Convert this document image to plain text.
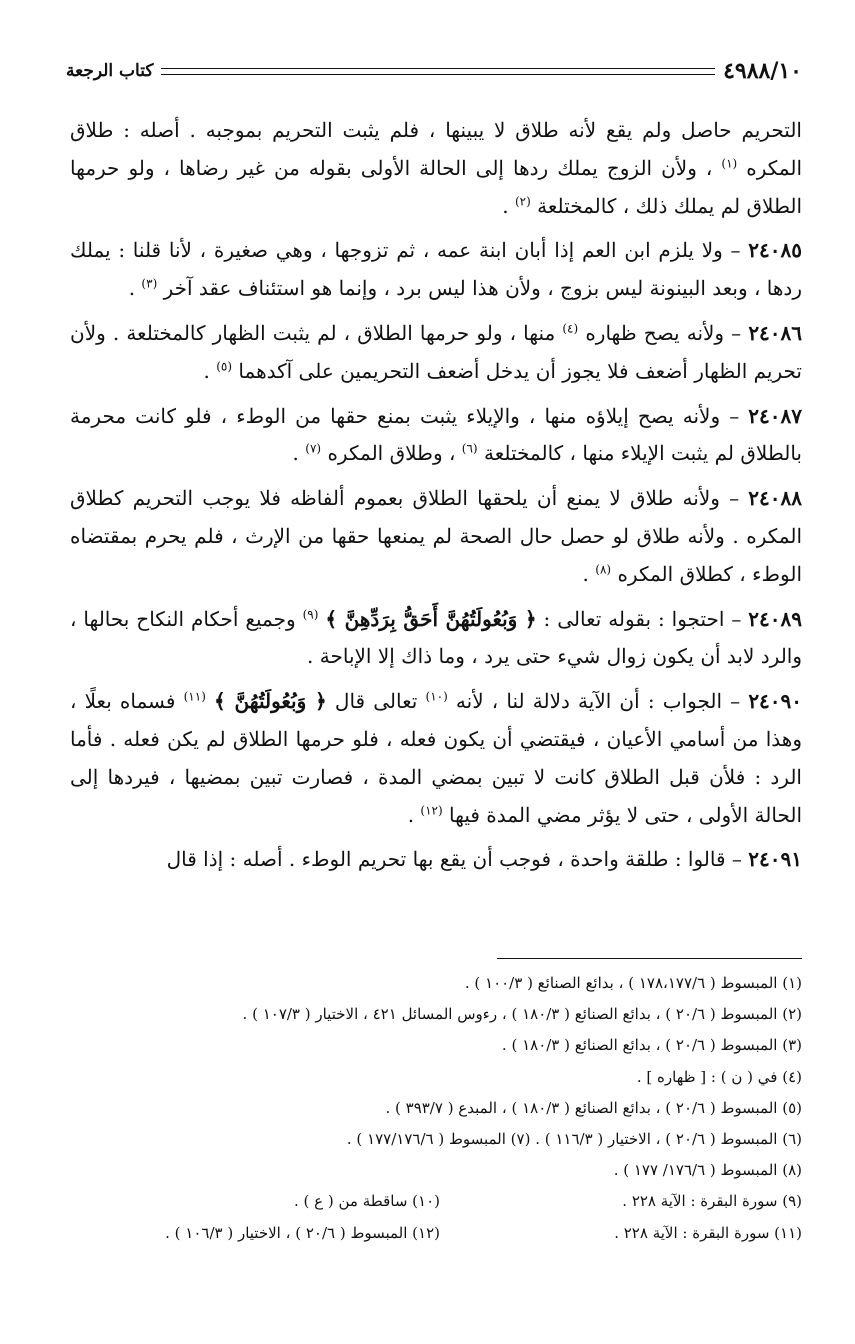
٤٩٨٨/١٠
كتاب الرجعة

التحريم حاصل ولم يقع لأنه طلاق لا يبينها ، فلم يثبت التحريم بموجبه . أصله : طلاق المكره $^{(١)}$ ، ولأن الزوج يملك ردها إلى الحالة الأولى بقوله من غير رضاها ، ولو حرمها الطلاق لم يملك ذلك ، كالمختلعة $^{(٢)}$ .

٢٤٠٨٥ – ولا يلزم ابن العم إذا أبان ابنة عمه ، ثم تزوجها ، وهي صغيرة ، لأنا قلنا : يملك ردها ، وبعد البينونة ليس بزوج ، ولأن هذا ليس برد ، وإنما هو استئناف عقد آخر $^{(٣)}$ .

٢٤٠٨٦ – ولأنه يصح ظهاره $^{(٤)}$ منها ، ولو حرمها الطلاق ، لم يثبت الظهار كالمختلعة . ولأن تحريم الظهار أضعف فلا يجوز أن يدخل أضعف التحريمين على آكدهما $^{(٥)}$ .

٢٤٠٨٧ – ولأنه يصح إيلاؤه منها ، والإيلاء يثبت بمنع حقها من الوطء ، فلو كانت محرمة بالطلاق لم يثبت الإيلاء منها ، كالمختلعة $^{(٦)}$ ، وطلاق المكره $^{(٧)}$ .

٢٤٠٨٨ – ولأنه طلاق لا يمنع أن يلحقها الطلاق بعموم ألفاظه فلا يوجب التحريم كطلاق المكره . ولأنه طلاق لو حصل حال الصحة لم يمنعها حقها من الإرث ، فلم يحرم بمقتضاه الوطء ، كطلاق المكره $^{(٨)}$ .

٢٤٠٨٩ – احتجوا : بقوله تعالى : ﴿ وَبُعُولَتُهُنَّ أَحَقُّ بِرَدِّهِنَّ ﴾ $^{(٩)}$ وجميع أحكام النكاح بحالها ، والرد لابد أن يكون زوال شيء حتى يرد ، وما ذاك إلا الإباحة .

٢٤٠٩٠ – الجواب : أن الآية دلالة لنا ، لأنه $^{(١٠)}$ تعالى قال ﴿ وَبُعُولَتُهُنَّ ﴾ $^{(١١)}$ فسماه بعلًا ، وهذا من أسامي الأعيان ، فيقتضي أن يكون فعله ، فلو حرمها الطلاق لم يكن فعله . فأما الرد : فلأن قبل الطلاق كانت لا تبين بمضي المدة ، فصارت تبين بمضيها ، فيردها إلى الحالة الأولى ، حتى لا يؤثر مضي المدة فيها $^{(١٢)}$ .

٢٤٠٩١ – قالوا : طلقة واحدة ، فوجب أن يقع بها تحريم الوطء . أصله : إذا قال

(١) المبسوط ( ١٧٨،١٧٧/٦ ) ، بدائع الصنائع ( ١٠٠/٣ ) .
(٢) المبسوط ( ٢٠/٦ ) ، بدائع الصنائع ( ١٨٠/٣ ) ، رءوس المسائل ٤٢١ ، الاختيار ( ١٠٧/٣ ) .
(٣) المبسوط ( ٢٠/٦ ) ، بدائع الصنائع ( ١٨٠/٣ ) .
(٤) في ( ن ) : [ ظهاره ] .
(٥) المبسوط ( ٢٠/٦ ) ، بدائع الصنائع ( ١٨٠/٣ ) ، المبدع ( ٣٩٣/٧ ) .
(٦) المبسوط ( ٢٠/٦ ) ، الاختيار ( ١١٦/٣ ) . (٧) المبسوط ( ١٧٧/١٧٦/٦ ) .
(٨) المبسوط ( ١٧٦/٦/ ١٧٧ ) .
(٩) سورة البقرة : الآية ٢٢٨ .
(١٠) ساقطة من ( ع ) .
(١١) سورة البقرة : الآية ٢٢٨ .
(١٢) المبسوط ( ٢٠/٦ ) ، الاختيار ( ١٠٦/٣ ) .
